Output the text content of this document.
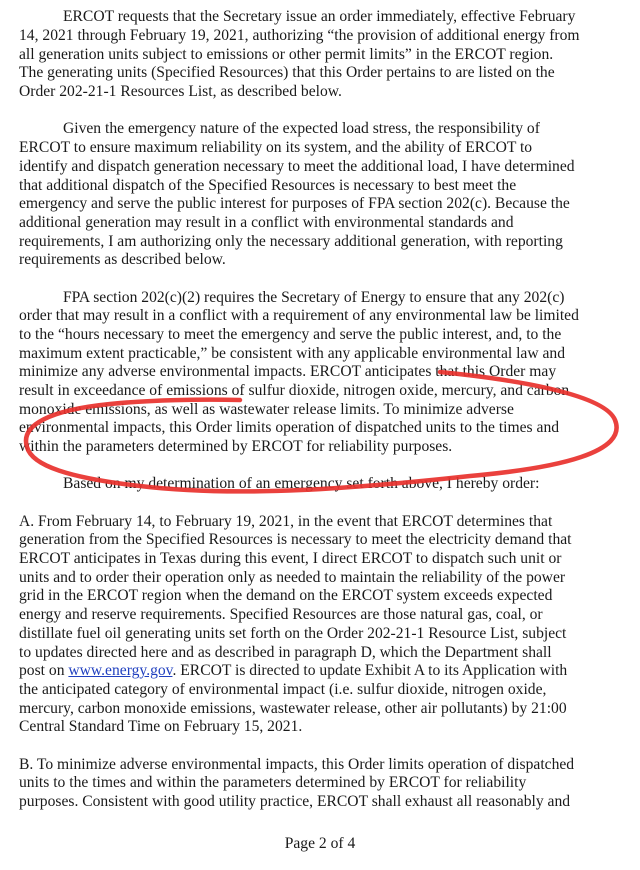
ERCOT requests that the Secretary issue an order immediately, effective February
14, 2021 through February 19, 2021, authorizing “the provision of additional energy from
all generation units subject to emissions or other permit limits” in the ERCOT region.
The generating units (Specified Resources) that this Order pertains to are listed on the
Order 202-21-1 Resources List, as described below.
Given the emergency nature of the expected load stress, the responsibility of
ERCOT to ensure maximum reliability on its system, and the ability of ERCOT to
identify and dispatch generation necessary to meet the additional load, I have determined
that additional dispatch of the Specified Resources is necessary to best meet the
emergency and serve the public interest for purposes of FPA section 202(c). Because the
additional generation may result in a conflict with environmental standards and
requirements, I am authorizing only the necessary additional generation, with reporting
requirements as described below.
FPA section 202(c)(2) requires the Secretary of Energy to ensure that any 202(c)
order that may result in a conflict with a requirement of any environmental law be limited
to the “hours necessary to meet the emergency and serve the public interest, and, to the
maximum extent practicable,” be consistent with any applicable environmental law and
minimize any adverse environmental impacts. ERCOT anticipates that this Order may
result in exceedance of emissions of sulfur dioxide, nitrogen oxide, mercury, and carbon
monoxide emissions, as well as wastewater release limits. To minimize adverse
environmental impacts, this Order limits operation of dispatched units to the times and
within the parameters determined by ERCOT for reliability purposes.
Based on my determination of an emergency set forth above, I hereby order:
A. From February 14, to February 19, 2021, in the event that ERCOT determines that
generation from the Specified Resources is necessary to meet the electricity demand that
ERCOT anticipates in Texas during this event, I direct ERCOT to dispatch such unit or
units and to order their operation only as needed to maintain the reliability of the power
grid in the ERCOT region when the demand on the ERCOT system exceeds expected
energy and reserve requirements. Specified Resources are those natural gas, coal, or
distillate fuel oil generating units set forth on the Order 202-21-1 Resource List, subject
to updates directed here and as described in paragraph D, which the Department shall
post on www.energy.gov. ERCOT is directed to update Exhibit A to its Application with
the anticipated category of environmental impact (i.e. sulfur dioxide, nitrogen oxide,
mercury, carbon monoxide emissions, wastewater release, other air pollutants) by 21:00
Central Standard Time on February 15, 2021.
B. To minimize adverse environmental impacts, this Order limits operation of dispatched
units to the times and within the parameters determined by ERCOT for reliability
purposes. Consistent with good utility practice, ERCOT shall exhaust all reasonably and
Page 2 of 4
